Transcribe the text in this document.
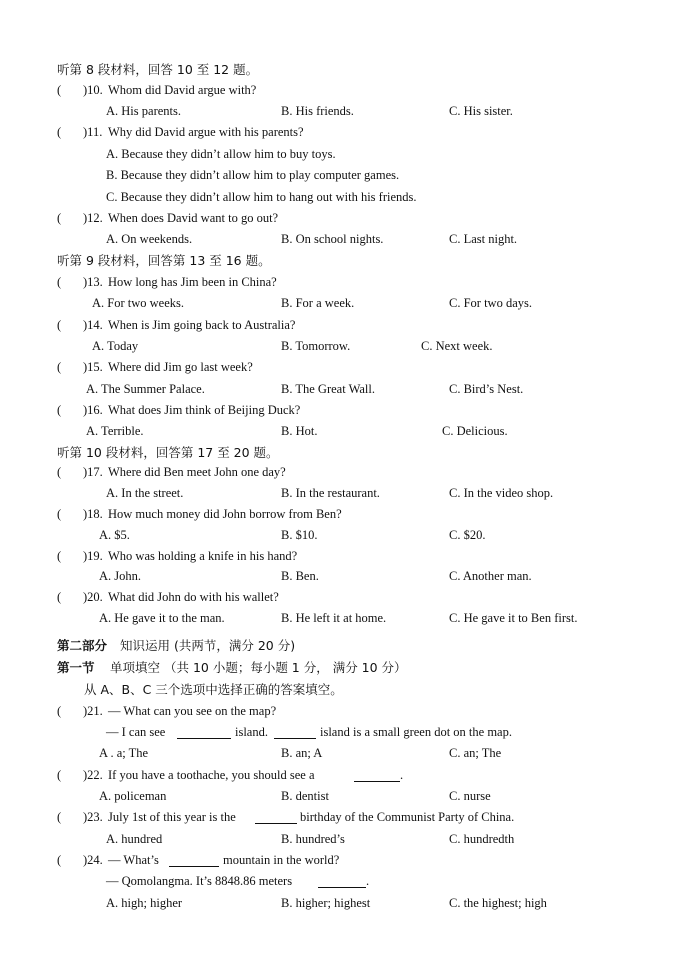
听第 8 段材料，回答 10 至 12 题。
( )10. Whom did David argue with?
A. His parents.	B. His friends.	C. His sister.
( )11. Why did David argue with his parents?
A. Because they didn’t allow him to buy toys.
B. Because they didn’t allow him to play computer games.
C. Because they didn’t allow him to hang out with his friends.
( )12. When does David want to go out?
A. On weekends.	B. On school nights.	C. Last night.
听第 9 段材料，回答第 13 至 16 题。
( )13. How long has Jim been in China?
A. For two weeks.	B. For a week.	C. For two days.
( )14. When is Jim going back to Australia?
A. Today	B. Tomorrow.	C. Next week.
( )15. Where did Jim go last week?
A. The Summer Palace.	B. The Great Wall.	C. Bird’s Nest.
( )16. What does Jim think of Beijing Duck?
A. Terrible.	B. Hot.	C. Delicious.
听第 10 段材料，回答第 17 至 20 题。
( )17. Where did Ben meet John one day?
A. In the street.	B. In the restaurant.	C. In the video shop.
( )18. How much money did John borrow from Ben?
A. $5.	B. $10.	C. $20.
( )19. Who was holding a knife in his hand?
A. John.	B. Ben.	C. Another man.
( )20. What did John do with his wallet?
A. He gave it to the man.	B. He left it at home.	C. He gave it to Ben first.
第二部分 知识运用 (共两节，满分 20 分)
第一节 单项填空 （共 10 小题；每小题 1 分， 满分 10 分）
从 A、B、C 三个选项中选择正确的答案填空。
( )21. — What can you see on the map?
— I can see	island.	island is a small green dot on the map.
A . a; The	B. an; A	C. an; The
( )22. If you have a toothache, you should see a	.
A. policeman	B. dentist	C. nurse
( )23. July 1st of this year is the	birthday of the Communist Party of China.
A. hundred	B. hundred’s	C. hundredth
( )24. — What’s	mountain in the world?
— Qomolangma. It’s 8848.86 meters	.
A. high; higher	B. higher; highest	C. the highest; high
